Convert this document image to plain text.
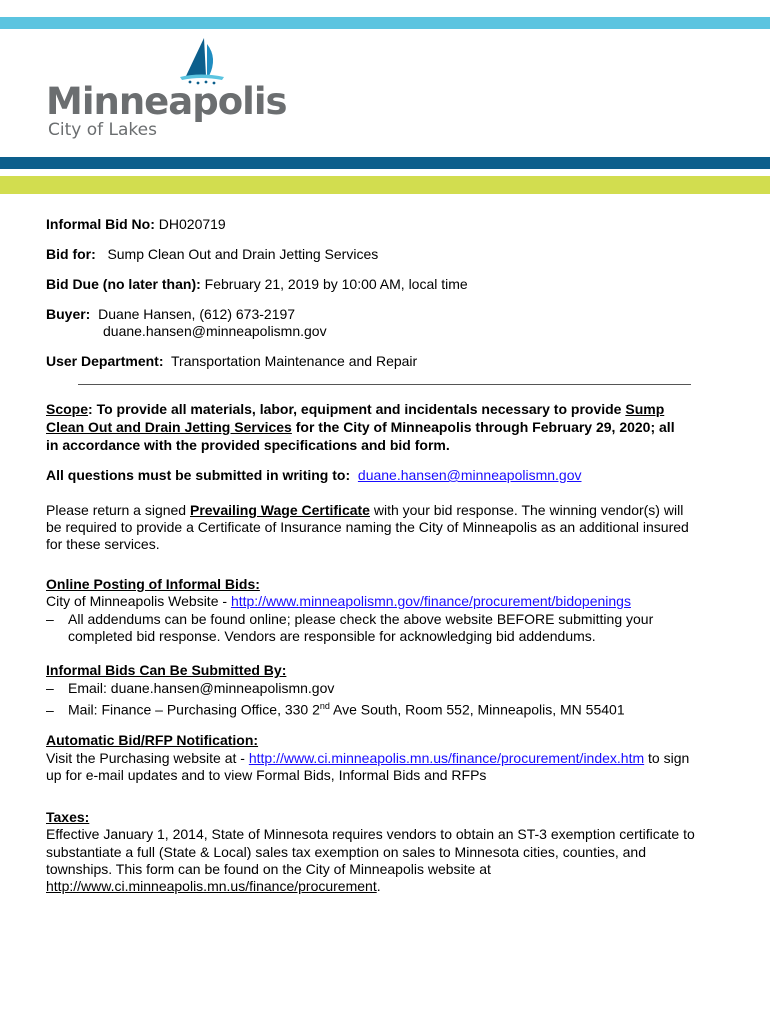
Minneapolis
City of Lakes
Informal Bid No: DH020719
Bid for: Sump Clean Out and Drain Jetting Services
Bid Due (no later than): February 21, 2019 by 10:00 AM, local time
Buyer: Duane Hansen, (612) 673-2197
duane.hansen@minneapolismn.gov
User Department: Transportation Maintenance and Repair
Scope: To provide all materials, labor, equipment and incidentals necessary to provide Sump
Clean Out and Drain Jetting Services for the City of Minneapolis through February 29, 2020; all
in accordance with the provided specifications and bid form.
All questions must be submitted in writing to: duane.hansen@minneapolismn.gov
Please return a signed Prevailing Wage Certificate with your bid response. The winning vendor(s) will
be required to provide a Certificate of Insurance naming the City of Minneapolis as an additional insured
for these services.
Online Posting of Informal Bids:
City of Minneapolis Website - http://www.minneapolismn.gov/finance/procurement/bidopenings
– All addendums can be found online; please check the above website BEFORE submitting your
completed bid response. Vendors are responsible for acknowledging bid addendums.
Informal Bids Can Be Submitted By:
– Email: duane.hansen@minneapolismn.gov
– Mail: Finance – Purchasing Office, 330 2nd Ave South, Room 552, Minneapolis, MN 55401
Automatic Bid/RFP Notification:
Visit the Purchasing website at - http://www.ci.minneapolis.mn.us/finance/procurement/index.htm to sign
up for e-mail updates and to view Formal Bids, Informal Bids and RFPs
Taxes:
Effective January 1, 2014, State of Minnesota requires vendors to obtain an ST-3 exemption certificate to
substantiate a full (State & Local) sales tax exemption on sales to Minnesota cities, counties, and
townships. This form can be found on the City of Minneapolis website at
http://www.ci.minneapolis.mn.us/finance/procurement.
